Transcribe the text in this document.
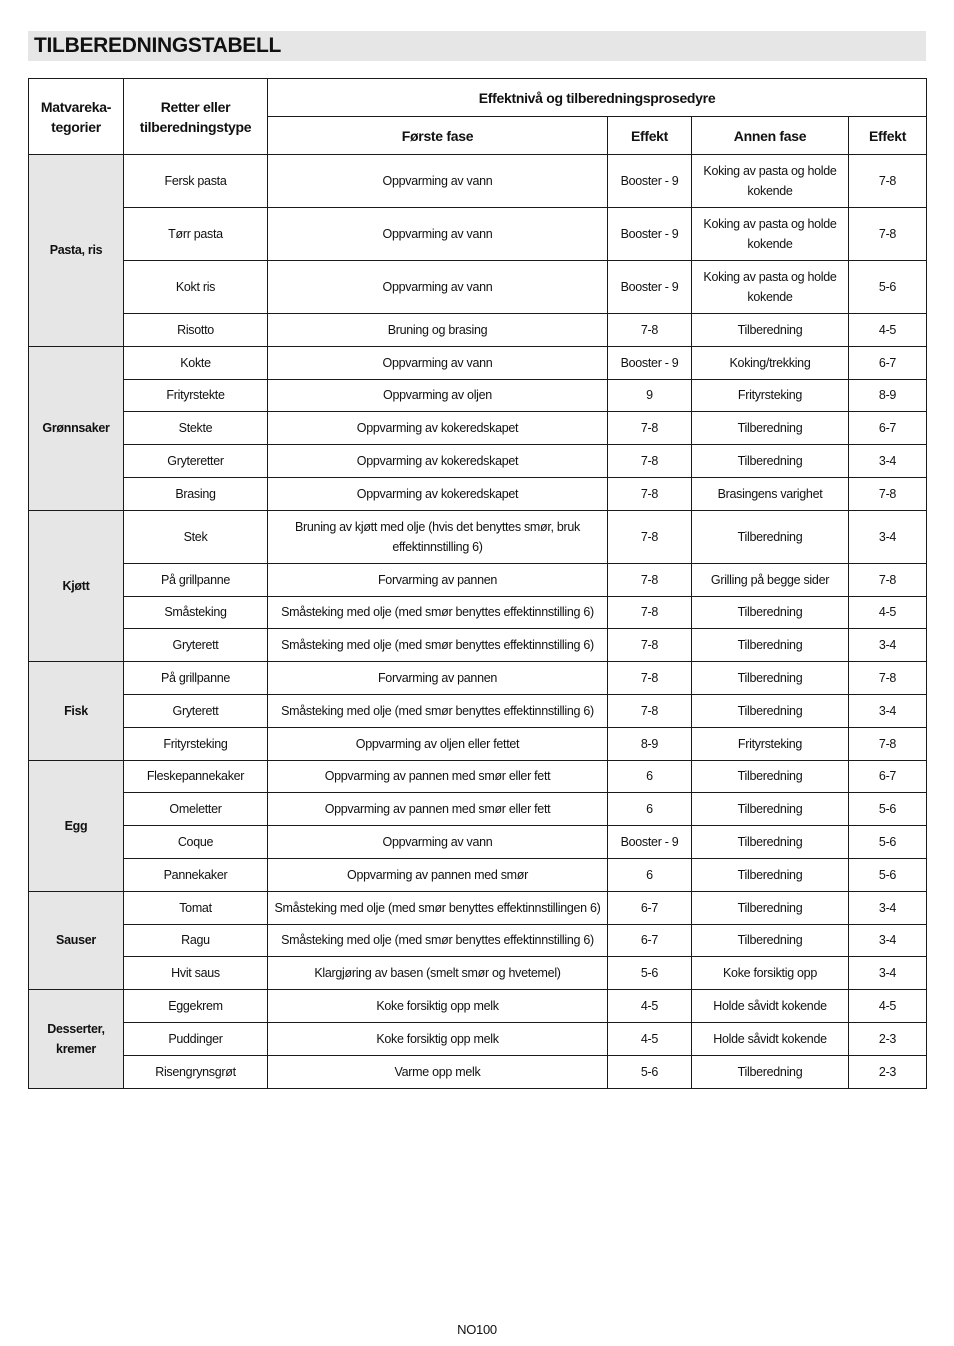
TILBEREDNINGSTABELL
Matvareka-tegorier	Retter eller tilberedningstype	Effektnivå og tilberedningsprosedyre			
		Første fase	Effekt	Annen fase	Effekt
Pasta, ris	Fersk pasta	Oppvarming av vann	Booster - 9	Koking av pasta og holde kokende	7-8
	Tørr pasta	Oppvarming av vann	Booster - 9	Koking av pasta og holde kokende	7-8
	Kokt ris	Oppvarming av vann	Booster - 9	Koking av pasta og holde kokende	5-6
	Risotto	Bruning og brasing	7-8	Tilberedning	4-5
Grønnsaker	Kokte	Oppvarming av vann	Booster - 9	Koking/trekking	6-7
	Frityrstekte	Oppvarming av oljen	9	Frityrsteking	8-9
	Stekte	Oppvarming av kokeredskapet	7-8	Tilberedning	6-7
	Gryteretter	Oppvarming av kokeredskapet	7-8	Tilberedning	3-4
	Brasing	Oppvarming av kokeredskapet	7-8	Brasingens varighet	7-8
Kjøtt	Stek	Bruning av kjøtt med olje (hvis det benyttes smør, bruk effektinnstilling 6)	7-8	Tilberedning	3-4
	På grillpanne	Forvarming av pannen	7-8	Grilling på begge sider	7-8
	Småsteking	Småsteking med olje (med smør benyttes effektinnstilling 6)	7-8	Tilberedning	4-5
	Gryterett	Småsteking med olje (med smør benyttes effektinnstilling 6)	7-8	Tilberedning	3-4
Fisk	På grillpanne	Forvarming av pannen	7-8	Tilberedning	7-8
	Gryterett	Småsteking med olje (med smør benyttes effektinnstilling 6)	7-8	Tilberedning	3-4
	Frityrsteking	Oppvarming av oljen eller fettet	8-9	Frityrsteking	7-8
Egg	Fleskepannekaker	Oppvarming av pannen med smør eller fett	6	Tilberedning	6-7
	Omeletter	Oppvarming av pannen med smør eller fett	6	Tilberedning	5-6
	Coque	Oppvarming av vann	Booster - 9	Tilberedning	5-6
	Pannekaker	Oppvarming av pannen med smør	6	Tilberedning	5-6
Sauser	Tomat	Småsteking med olje (med smør benyttes effektinnstillingen 6)	6-7	Tilberedning	3-4
	Ragu	Småsteking med olje (med smør benyttes effektinnstilling 6)	6-7	Tilberedning	3-4
	Hvit saus	Klargjøring av basen (smelt smør og hvetemel)	5-6	Koke forsiktig opp	3-4
Desserter, kremer	Eggekrem	Koke forsiktig opp melk	4-5	Holde såvidt kokende	4-5
	Puddinger	Koke forsiktig opp melk	4-5	Holde såvidt kokende	2-3
	Risengrynsgrøt	Varme opp melk	5-6	Tilberedning	2-3
NO100
